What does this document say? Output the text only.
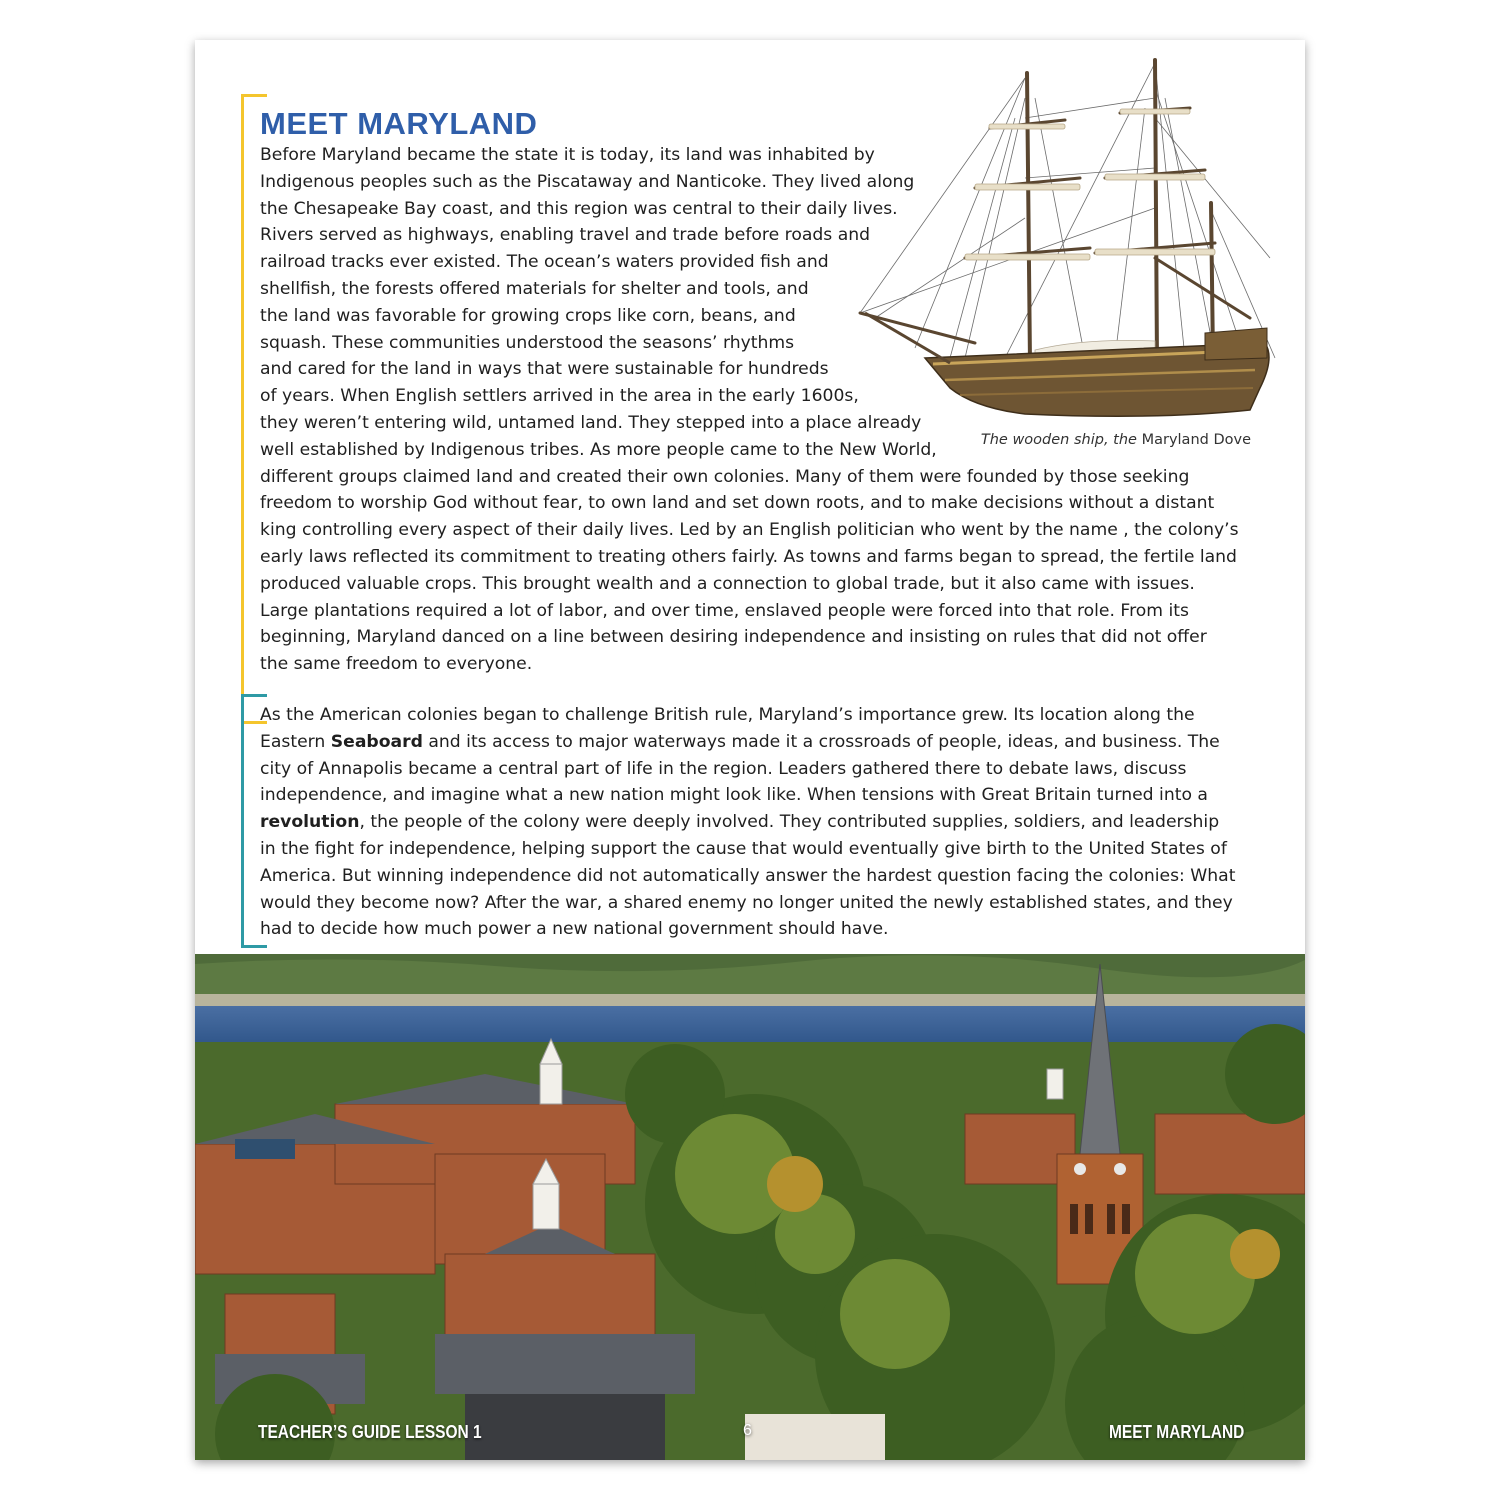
MEET MARYLAND
Before Maryland became the state it is today, its land was inhabited by
Indigenous peoples such as the Piscataway and Nanticoke. They lived along
the Chesapeake Bay coast, and this region was central to their daily lives.
Rivers served as highways, enabling travel and trade before roads and
railroad tracks ever existed. The ocean’s waters provided fish and
shellfish, the forests offered materials for shelter and tools, and
the land was favorable for growing crops like corn, beans, and
squash. These communities understood the seasons’ rhythms
and cared for the land in ways that were sustainable for hundreds
of years. When English settlers arrived in the area in the early 1600s,
they weren’t entering wild, untamed land. They stepped into a place already
well established by Indigenous tribes. As more people came to the New World,
different groups claimed land and created their own colonies. Many of them were founded by those seeking
freedom to worship God without fear, to own land and set down roots, and to make decisions without a distant
king controlling every aspect of their daily lives. Led by an English politician who went by the name , the colony’s
early laws reflected its commitment to treating others fairly. As towns and farms began to spread, the fertile land
produced valuable crops. This brought wealth and a connection to global trade, but it also came with issues.
Large plantations required a lot of labor, and over time, enslaved people were forced into that role. From its
beginning, Maryland danced on a line between desiring independence and insisting on rules that did not offer
the same freedom to everyone.
The wooden ship, the Maryland Dove
As the American colonies began to challenge British rule, Maryland’s importance grew. Its location along the
Eastern Seaboard and its access to major waterways made it a crossroads of people, ideas, and business. The
city of Annapolis became a central part of life in the region. Leaders gathered there to debate laws, discuss
independence, and imagine what a new nation might look like. When tensions with Great Britain turned into a
revolution, the people of the colony were deeply involved. They contributed supplies, soldiers, and leadership
in the fight for independence, helping support the cause that would eventually give birth to the United States of
America. But winning independence did not automatically answer the hardest question facing the colonies: What
would they become now? After the war, a shared enemy no longer united the newly established states, and they
had to decide how much power a new national government should have.
TEACHER’S GUIDE LESSON 1	6	MEET MARYLAND
